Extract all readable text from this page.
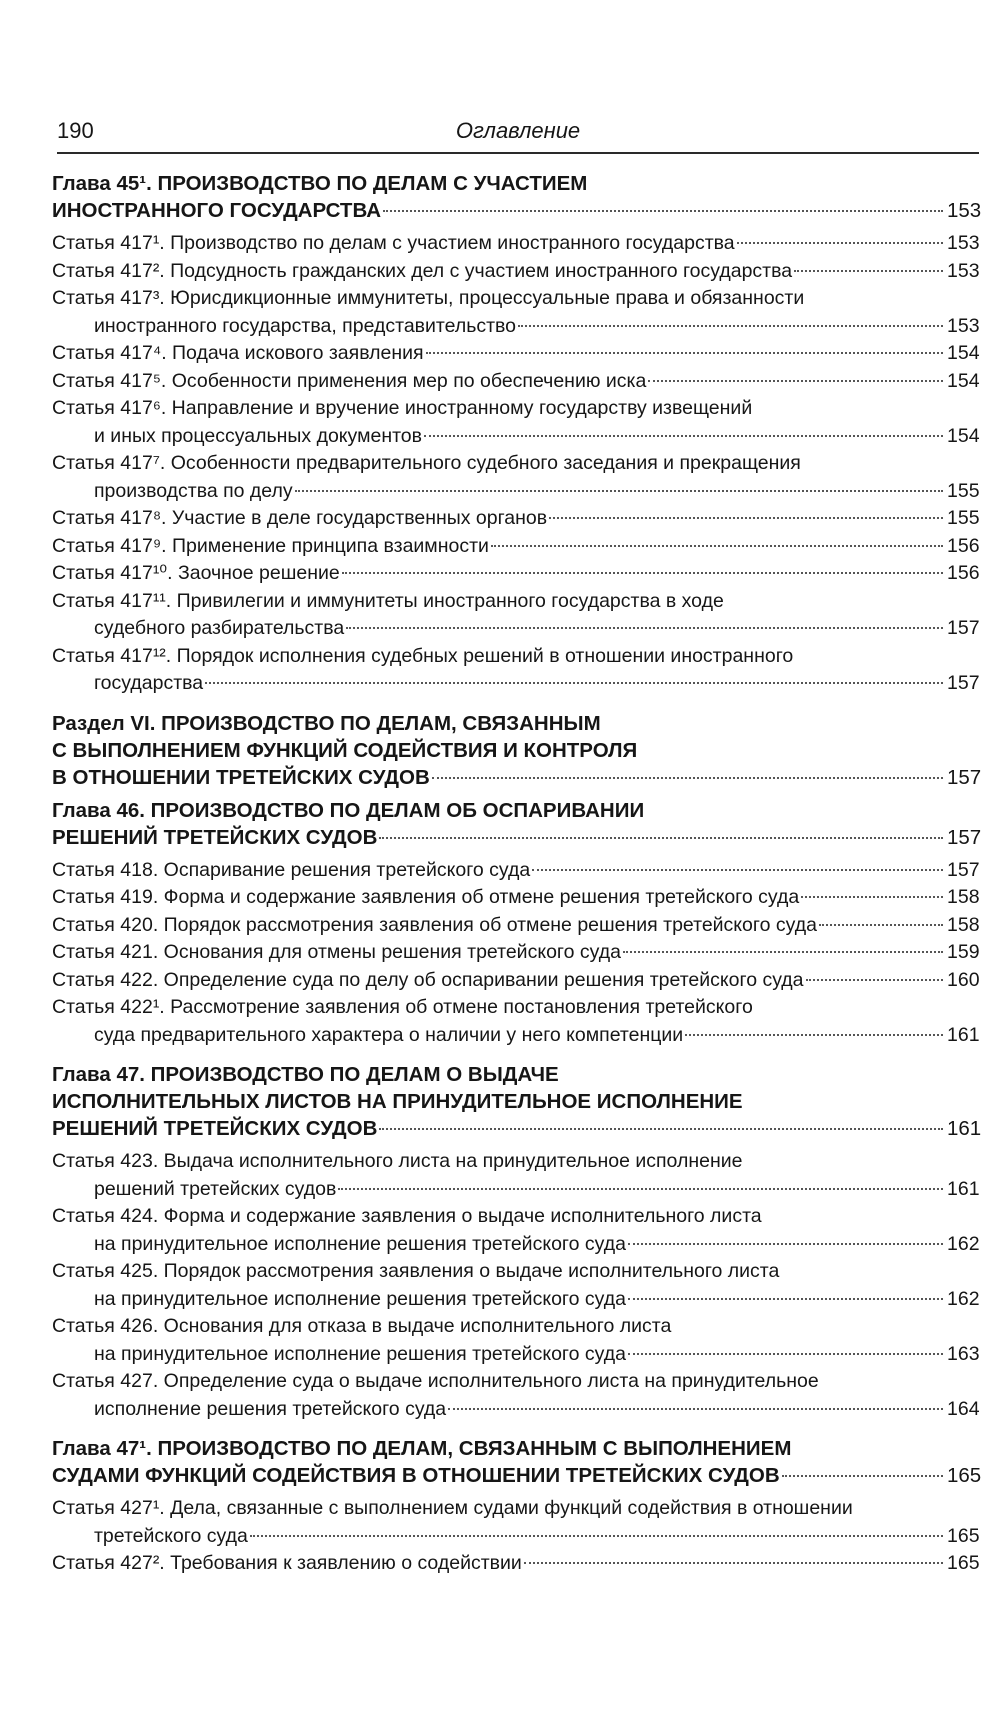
190	Оглавление
Глава 45¹. ПРОИЗВОДСТВО ПО ДЕЛАМ С УЧАСТИЕМ
ИНОСТРАННОГО ГОСУДАРСТВА	153
Статья 417¹. Производство по делам с участием иностранного государства	153
Статья 417². Подсудность гражданских дел с участием иностранного государства	153
Статья 417³. Юрисдикционные иммунитеты, процессуальные права и обязанности
иностранного государства, представительство	153
Статья 417⁴. Подача искового заявления	154
Статья 417⁵. Особенности применения мер по обеспечению иска	154
Статья 417⁶. Направление и вручение иностранному государству извещений
и иных процессуальных документов	154
Статья 417⁷. Особенности предварительного судебного заседания и прекращения
производства по делу	155
Статья 417⁸. Участие в деле государственных органов	155
Статья 417⁹. Применение принципа взаимности	156
Статья 417¹⁰. Заочное решение	156
Статья 417¹¹. Привилегии и иммунитеты иностранного государства в ходе
судебного разбирательства	157
Статья 417¹². Порядок исполнения судебных решений в отношении иностранного
государства	157
Раздел VI. ПРОИЗВОДСТВО ПО ДЕЛАМ, СВЯЗАННЫМ
С ВЫПОЛНЕНИЕМ ФУНКЦИЙ СОДЕЙСТВИЯ И КОНТРОЛЯ
В ОТНОШЕНИИ ТРЕТЕЙСКИХ СУДОВ	157
Глава 46. ПРОИЗВОДСТВО ПО ДЕЛАМ ОБ ОСПАРИВАНИИ
РЕШЕНИЙ ТРЕТЕЙСКИХ СУДОВ	157
Статья 418. Оспаривание решения третейского суда	157
Статья 419. Форма и содержание заявления об отмене решения третейского суда	158
Статья 420. Порядок рассмотрения заявления об отмене решения третейского суда	158
Статья 421. Основания для отмены решения третейского суда	159
Статья 422. Определение суда по делу об оспаривании решения третейского суда	160
Статья 422¹. Рассмотрение заявления об отмене постановления третейского
суда предварительного характера о наличии у него компетенции	161
Глава 47. ПРОИЗВОДСТВО ПО ДЕЛАМ О ВЫДАЧЕ
ИСПОЛНИТЕЛЬНЫХ ЛИСТОВ НА ПРИНУДИТЕЛЬНОЕ ИСПОЛНЕНИЕ
РЕШЕНИЙ ТРЕТЕЙСКИХ СУДОВ	161
Статья 423. Выдача исполнительного листа на принудительное исполнение
решений третейских судов	161
Статья 424. Форма и содержание заявления о выдаче исполнительного листа
на принудительное исполнение решения третейского суда	162
Статья 425. Порядок рассмотрения заявления о выдаче исполнительного листа
на принудительное исполнение решения третейского суда	162
Статья 426. Основания для отказа в выдаче исполнительного листа
на принудительное исполнение решения третейского суда	163
Статья 427. Определение суда о выдаче исполнительного листа на принудительное
исполнение решения третейского суда	164
Глава 47¹. ПРОИЗВОДСТВО ПО ДЕЛАМ, СВЯЗАННЫМ С ВЫПОЛНЕНИЕМ
СУДАМИ ФУНКЦИЙ СОДЕЙСТВИЯ В ОТНОШЕНИИ ТРЕТЕЙСКИХ СУДОВ	165
Статья 427¹. Дела, связанные с выполнением судами функций содействия в отношении
третейского суда	165
Статья 427². Требования к заявлению о содействии	165
